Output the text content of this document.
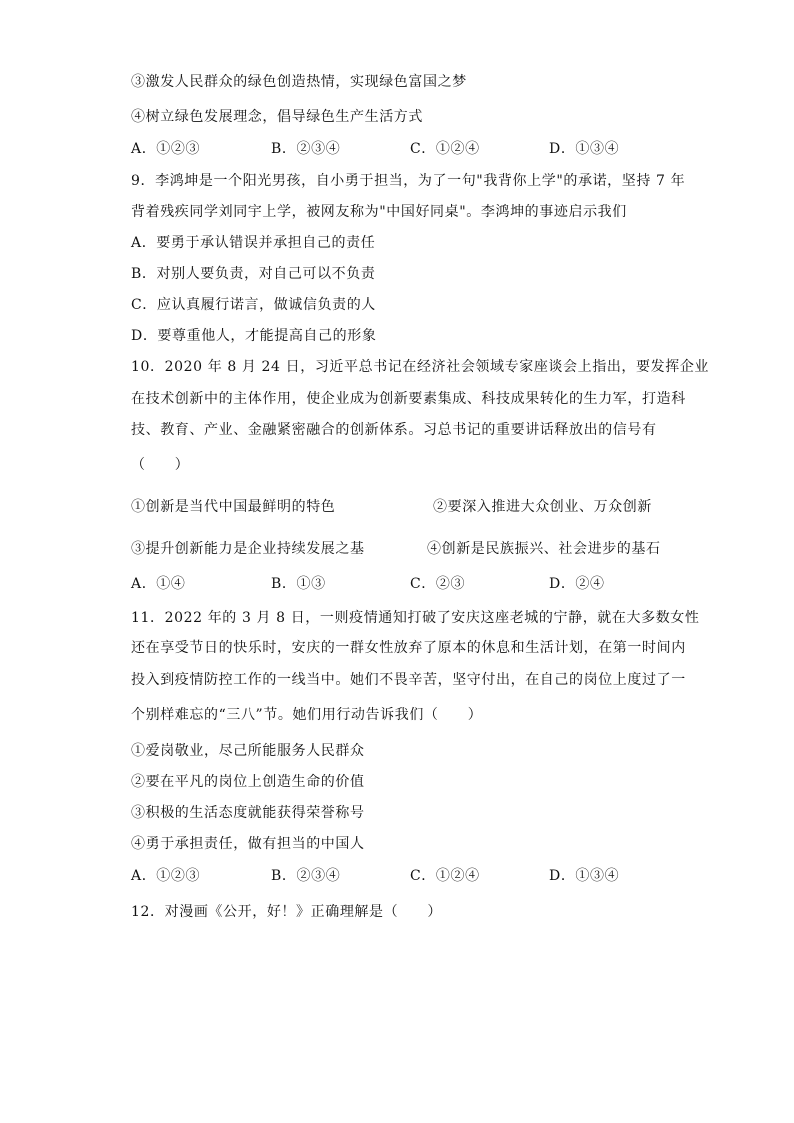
③激发人民群众的绿色创造热情，实现绿色富国之梦
④树立绿色发展理念，倡导绿色生产生活方式
A．①②③	B．②③④	C．①②④	D．①③④
9．李鸿坤是一个阳光男孩，自小勇于担当，为了一句"我背你上学"的承诺，坚持 7 年
背着残疾同学刘同宇上学，被网友称为"中国好同桌"。李鸿坤的事迹启示我们
A．要勇于承认错误并承担自己的责任
B．对别人要负责，对自己可以不负责
C．应认真履行诺言，做诚信负责的人
D．要尊重他人，才能提高自己的形象
10．2020 年 8 月 24 日，习近平总书记在经济社会领域专家座谈会上指出，要发挥企业
在技术创新中的主体作用，使企业成为创新要素集成、科技成果转化的生力军，打造科
技、教育、产业、金融紧密融合的创新体系。习总书记的重要讲话释放出的信号有
（　　）
①创新是当代中国最鲜明的特色	②要深入推进大众创业、万众创新
③提升创新能力是企业持续发展之基	④创新是民族振兴、社会进步的基石
A．①④	B．①③	C．②③	D．②④
11．2022 年的 3 月 8 日，一则疫情通知打破了安庆这座老城的宁静，就在大多数女性
还在享受节日的快乐时，安庆的一群女性放弃了原本的休息和生活计划，在第一时间内
投入到疫情防控工作的一线当中。她们不畏辛苦，坚守付出，在自己的岗位上度过了一
个别样难忘的“三八”节。她们用行动告诉我们（　　）
①爱岗敬业，尽己所能服务人民群众
②要在平凡的岗位上创造生命的价值
③积极的生活态度就能获得荣誉称号
④勇于承担责任，做有担当的中国人
A．①②③	B．②③④	C．①②④	D．①③④
12．对漫画《公开，好！》正确理解是（　　）
